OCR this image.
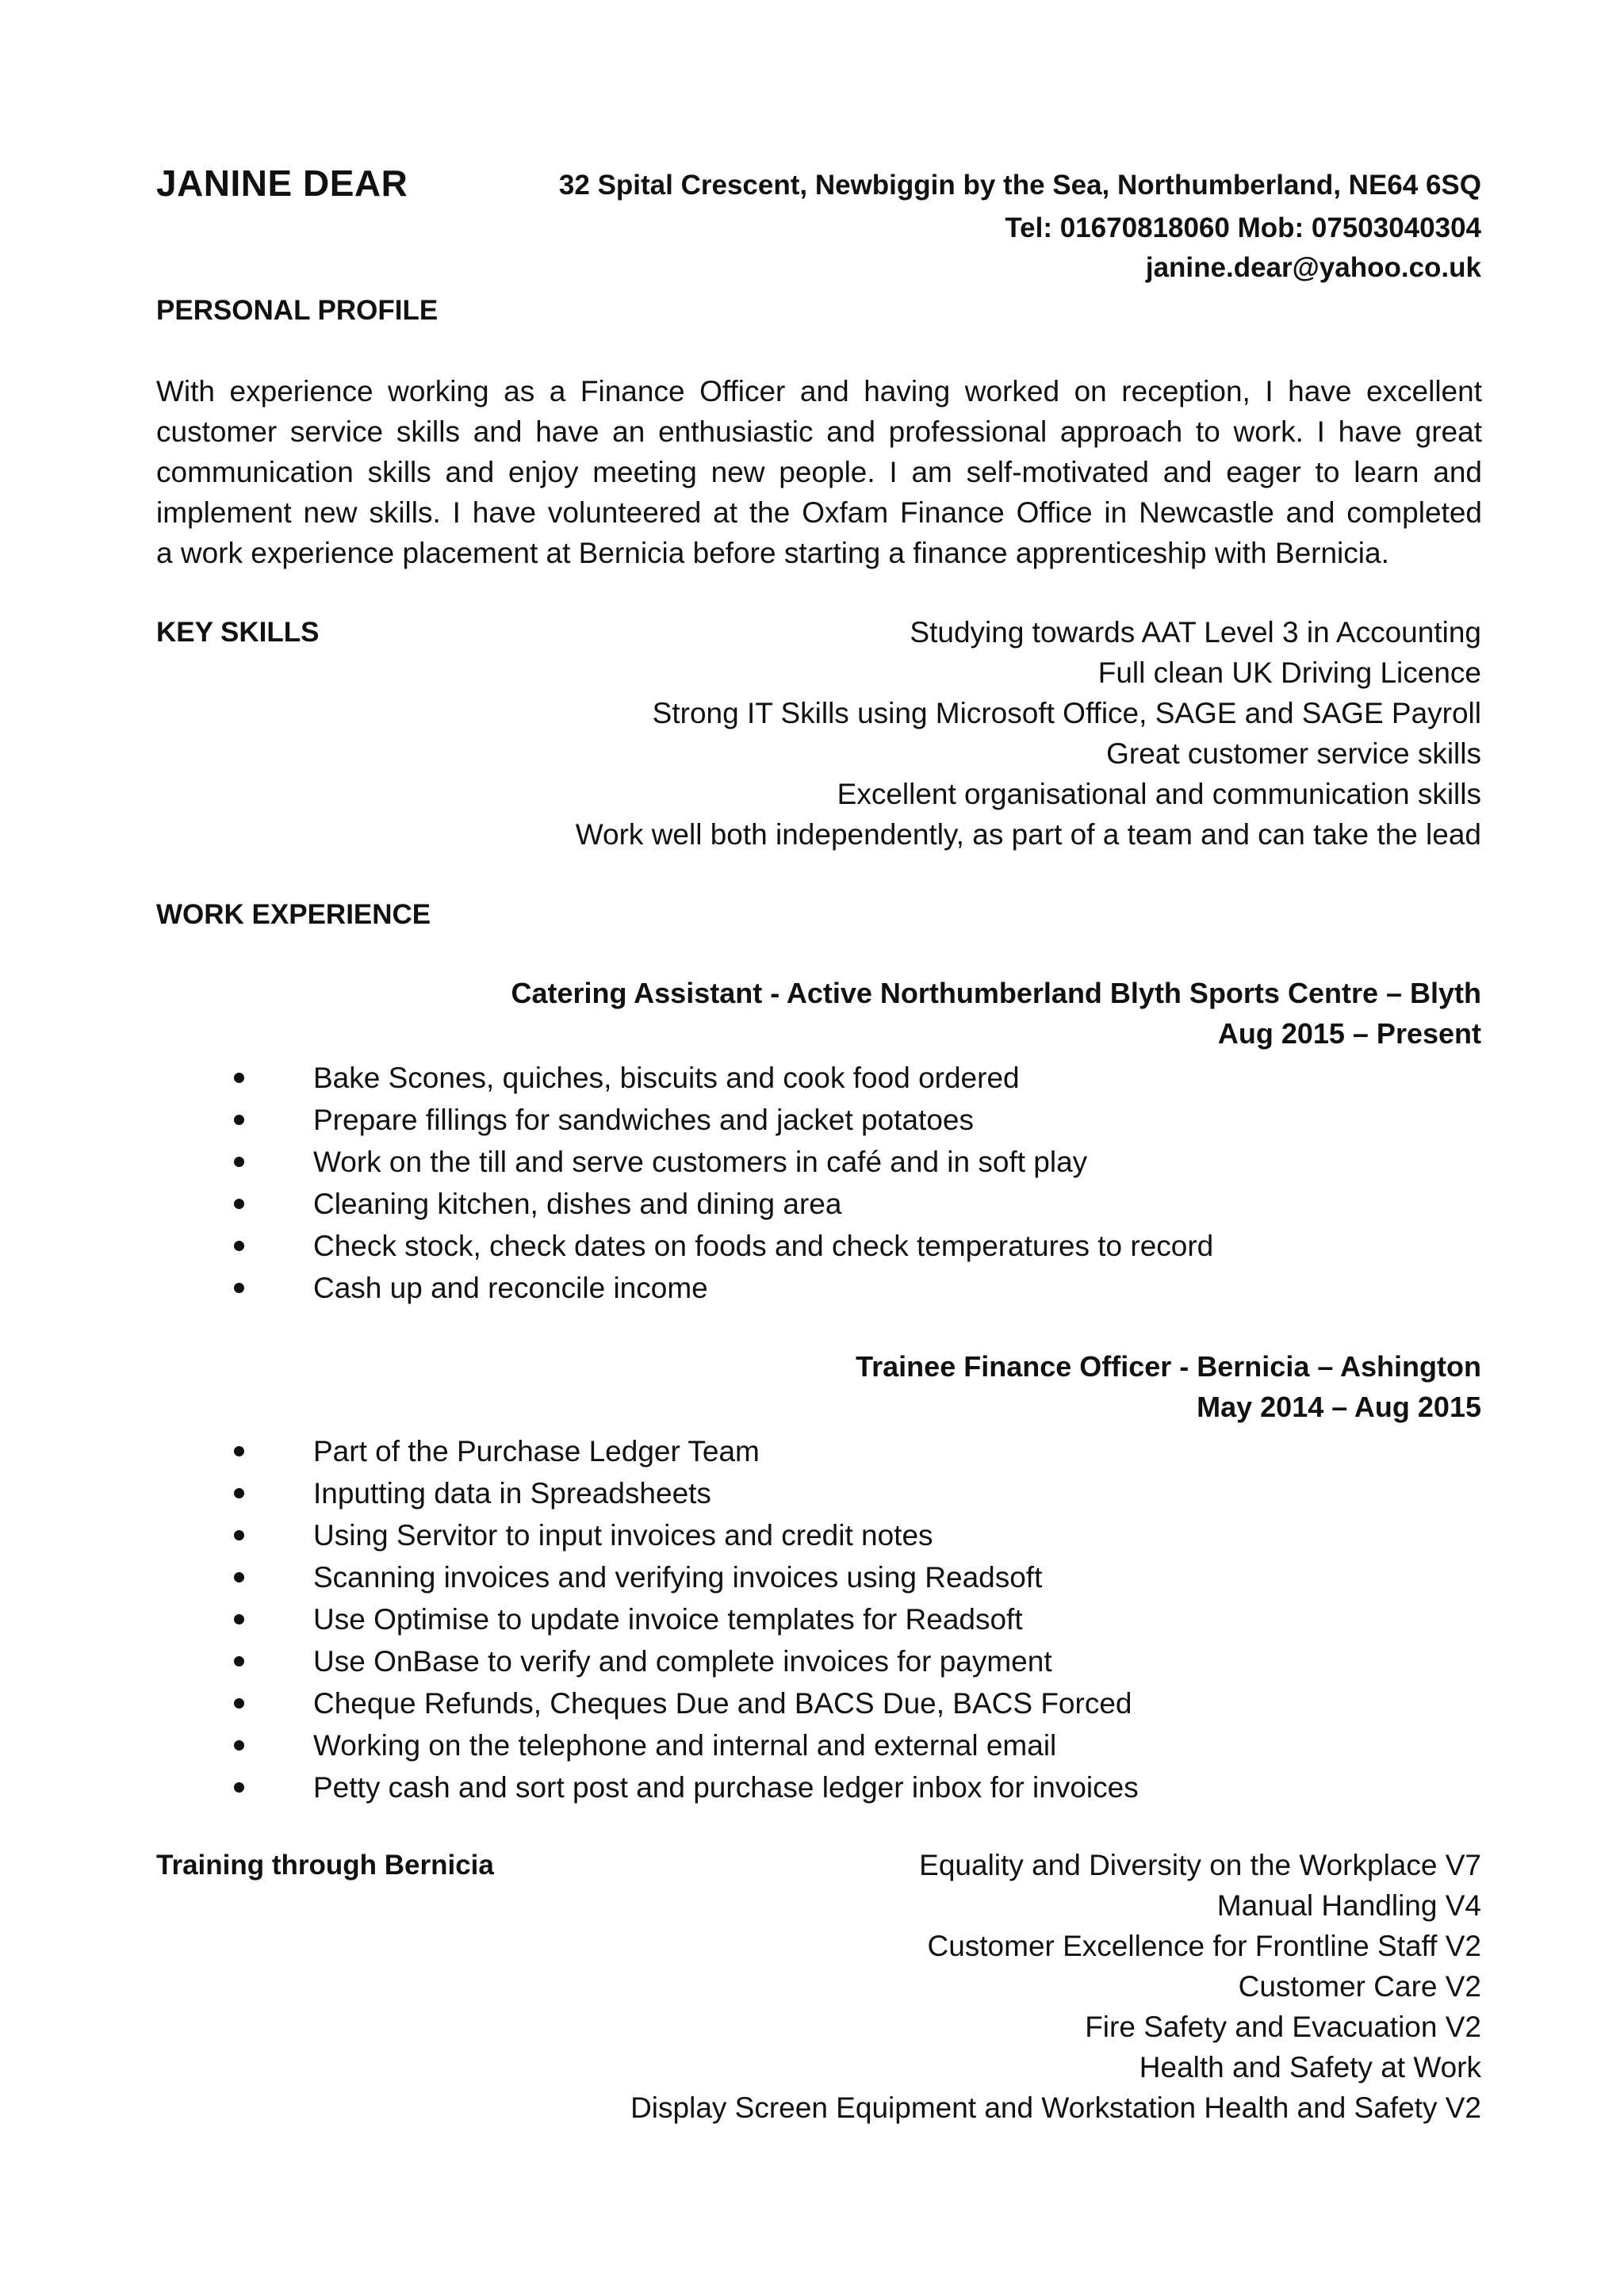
JANINE DEAR	32 Spital Crescent, Newbiggin by the Sea, Northumberland, NE64 6SQ
Tel: 01670818060 Mob: 07503040304
janine.dear@yahoo.co.uk
PERSONAL PROFILE
With experience working as a Finance Officer and having worked on reception, I have excellent
customer service skills and have an enthusiastic and professional approach to work. I have great
communication skills and enjoy meeting new people. I am self-motivated and eager to learn and
implement new skills. I have volunteered at the Oxfam Finance Office in Newcastle and completed
a work experience placement at Bernicia before starting a finance apprenticeship with Bernicia.
KEY SKILLS	Studying towards AAT Level 3 in Accounting
Full clean UK Driving Licence
Strong IT Skills using Microsoft Office, SAGE and SAGE Payroll
Great customer service skills
Excellent organisational and communication skills
Work well both independently, as part of a team and can take the lead
WORK EXPERIENCE
Catering Assistant - Active Northumberland Blyth Sports Centre – Blyth
Aug 2015 – Present
Bake Scones, quiches, biscuits and cook food ordered
Prepare fillings for sandwiches and jacket potatoes
Work on the till and serve customers in café and in soft play
Cleaning kitchen, dishes and dining area
Check stock, check dates on foods and check temperatures to record
Cash up and reconcile income
Trainee Finance Officer - Bernicia – Ashington
May 2014 – Aug 2015
Part of the Purchase Ledger Team
Inputting data in Spreadsheets
Using Servitor to input invoices and credit notes
Scanning invoices and verifying invoices using Readsoft
Use Optimise to update invoice templates for Readsoft
Use OnBase to verify and complete invoices for payment
Cheque Refunds, Cheques Due and BACS Due, BACS Forced
Working on the telephone and internal and external email
Petty cash and sort post and purchase ledger inbox for invoices
Training through Bernicia	Equality and Diversity on the Workplace V7
Manual Handling V4
Customer Excellence for Frontline Staff V2
Customer Care V2
Fire Safety and Evacuation V2
Health and Safety at Work
Display Screen Equipment and Workstation Health and Safety V2
